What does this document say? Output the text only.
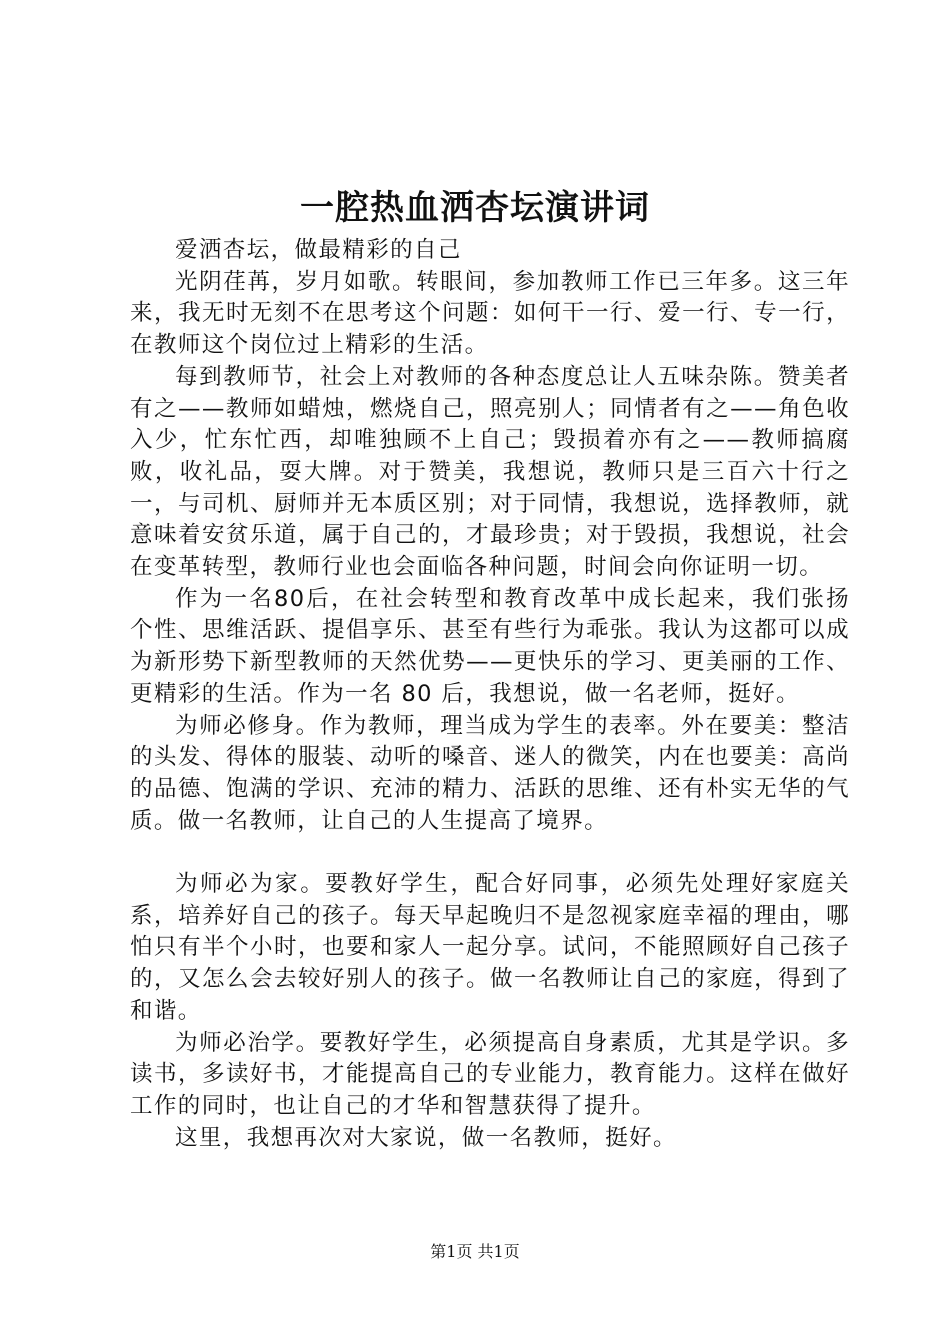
一腔热血洒杏坛演讲词

爱洒杏坛，做最精彩的自己

光阴荏苒，岁月如歌。转眼间，参加教师工作已三年多。这三年来，我无时无刻不在思考这个问题：如何干一行、爱一行、专一行，在教师这个岗位过上精彩的生活。

每到教师节，社会上对教师的各种态度总让人五味杂陈。赞美者有之——教师如蜡烛，燃烧自己，照亮别人；同情者有之——角色收入少，忙东忙西，却唯独顾不上自己；毁损着亦有之——教师搞腐败，收礼品，耍大牌。对于赞美，我想说，教师只是三百六十行之一，与司机、厨师并无本质区别；对于同情，我想说，选择教师，就意味着安贫乐道，属于自己的，才最珍贵；对于毁损，我想说，社会在变革转型，教师行业也会面临各种问题，时间会向你证明一切。

作为一名80后，在社会转型和教育改革中成长起来，我们张扬个性、思维活跃、提倡享乐、甚至有些行为乖张。我认为这都可以成为新形势下新型教师的天然优势——更快乐的学习、更美丽的工作、更精彩的生活。作为一名 80 后，我想说，做一名老师，挺好。

为师必修身。作为教师，理当成为学生的表率。外在要美：整洁的头发、得体的服装、动听的嗓音、迷人的微笑，内在也要美：高尚的品德、饱满的学识、充沛的精力、活跃的思维、还有朴实无华的气质。做一名教师，让自己的人生提高了境界。

为师必为家。要教好学生，配合好同事，必须先处理好家庭关系，培养好自己的孩子。每天早起晚归不是忽视家庭幸福的理由，哪怕只有半个小时，也要和家人一起分享。试问，不能照顾好自己孩子的，又怎么会去较好别人的孩子。做一名教师让自己的家庭，得到了和谐。

为师必治学。要教好学生，必须提高自身素质，尤其是学识。多读书，多读好书，才能提高自己的专业能力，教育能力。这样在做好工作的同时，也让自己的才华和智慧获得了提升。

这里，我想再次对大家说，做一名教师，挺好。

第1页 共1页
